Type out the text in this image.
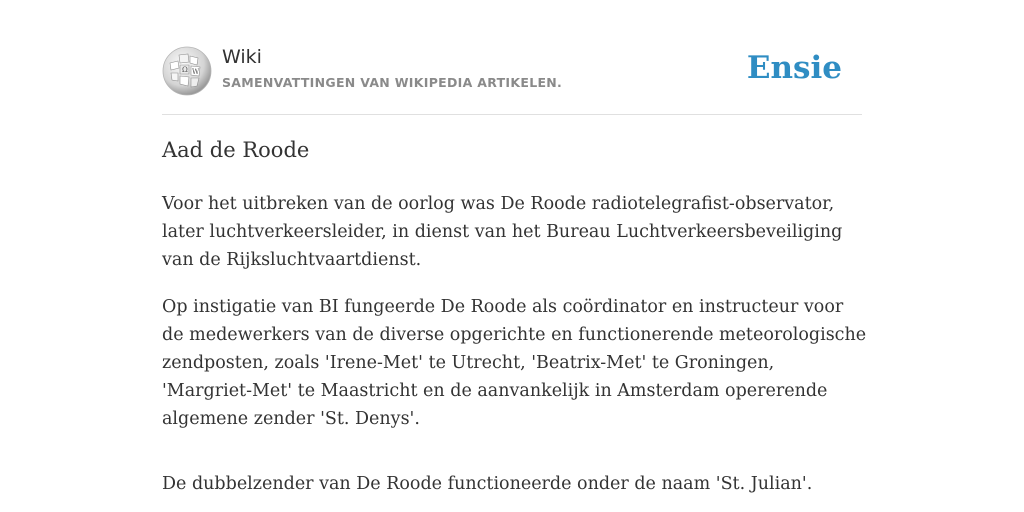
Ω W
Wiki
SAMENVATTINGEN VAN WIKIPEDIA ARTIKELEN.	Ensie
Aad de Roode

Voor het uitbreken van de oorlog was De Roode radiotelegrafist-observator, later luchtverkeersleider, in dienst van het Bureau Luchtverkeersbeveiliging van de Rijksluchtvaartdienst.

Op instigatie van BI fungeerde De Roode als coördinator en instructeur voor de medewerkers van de diverse opgerichte en functionerende meteorologische zendposten, zoals 'Irene-Met' te Utrecht, 'Beatrix-Met' te Groningen, 'Margriet-Met' te Maastricht en de aanvankelijk in Amsterdam opererende algemene zender 'St. Denys'.

De dubbelzender van De Roode functioneerde onder de naam 'St. Julian'.
